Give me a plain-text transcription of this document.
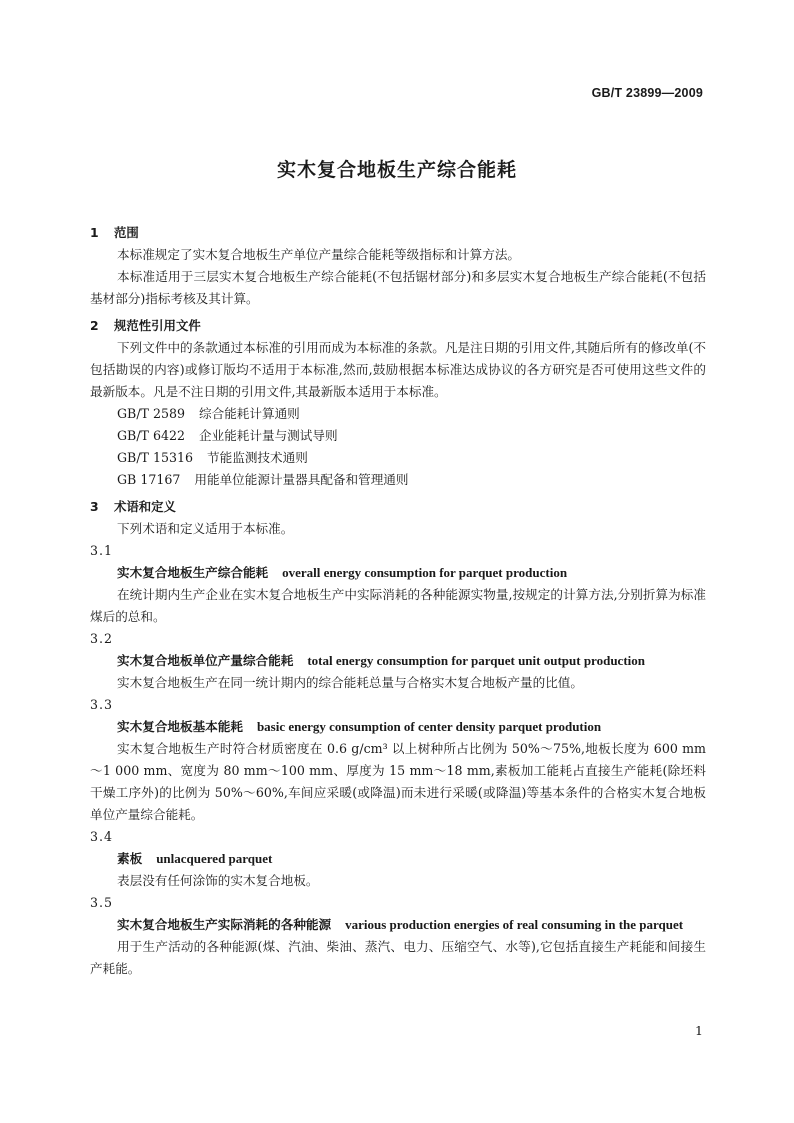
GB/T 23899—2009
实木复合地板生产综合能耗
1 范围
本标准规定了实木复合地板生产单位产量综合能耗等级指标和计算方法。
本标准适用于三层实木复合地板生产综合能耗(不包括锯材部分)和多层实木复合地板生产综合能耗(不包括基材部分)指标考核及其计算。
2 规范性引用文件
下列文件中的条款通过本标准的引用而成为本标准的条款。凡是注日期的引用文件,其随后所有的修改单(不包括勘误的内容)或修订版均不适用于本标准,然而,鼓励根据本标准达成协议的各方研究是否可使用这些文件的最新版本。凡是不注日期的引用文件,其最新版本适用于本标准。
GB/T 2589 综合能耗计算通则
GB/T 6422 企业能耗计量与测试导则
GB/T 15316 节能监测技术通则
GB 17167 用能单位能源计量器具配备和管理通则
3 术语和定义
下列术语和定义适用于本标准。
3.1
实木复合地板生产综合能耗 overall energy consumption for parquet production
在统计期内生产企业在实木复合地板生产中实际消耗的各种能源实物量,按规定的计算方法,分别折算为标准煤后的总和。
3.2
实木复合地板单位产量综合能耗 total energy consumption for parquet unit output production
实木复合地板生产在同一统计期内的综合能耗总量与合格实木复合地板产量的比值。
3.3
实木复合地板基本能耗 basic energy consumption of center density parquet prodution
实木复合地板生产时符合材质密度在 0.6 g/cm³ 以上树种所占比例为 50%～75%,地板长度为 600 mm～1 000 mm、宽度为 80 mm～100 mm、厚度为 15 mm～18 mm,素板加工能耗占直接生产能耗(除坯料干燥工序外)的比例为 50%～60%,车间应采暖(或降温)而未进行采暖(或降温)等基本条件的合格实木复合地板单位产量综合能耗。
3.4
素板 unlacquered parquet
表层没有任何涂饰的实木复合地板。
3.5
实木复合地板生产实际消耗的各种能源 various production energies of real consuming in the parquet
用于生产活动的各种能源(煤、汽油、柴油、蒸汽、电力、压缩空气、水等),它包括直接生产耗能和间接生产耗能。
1
